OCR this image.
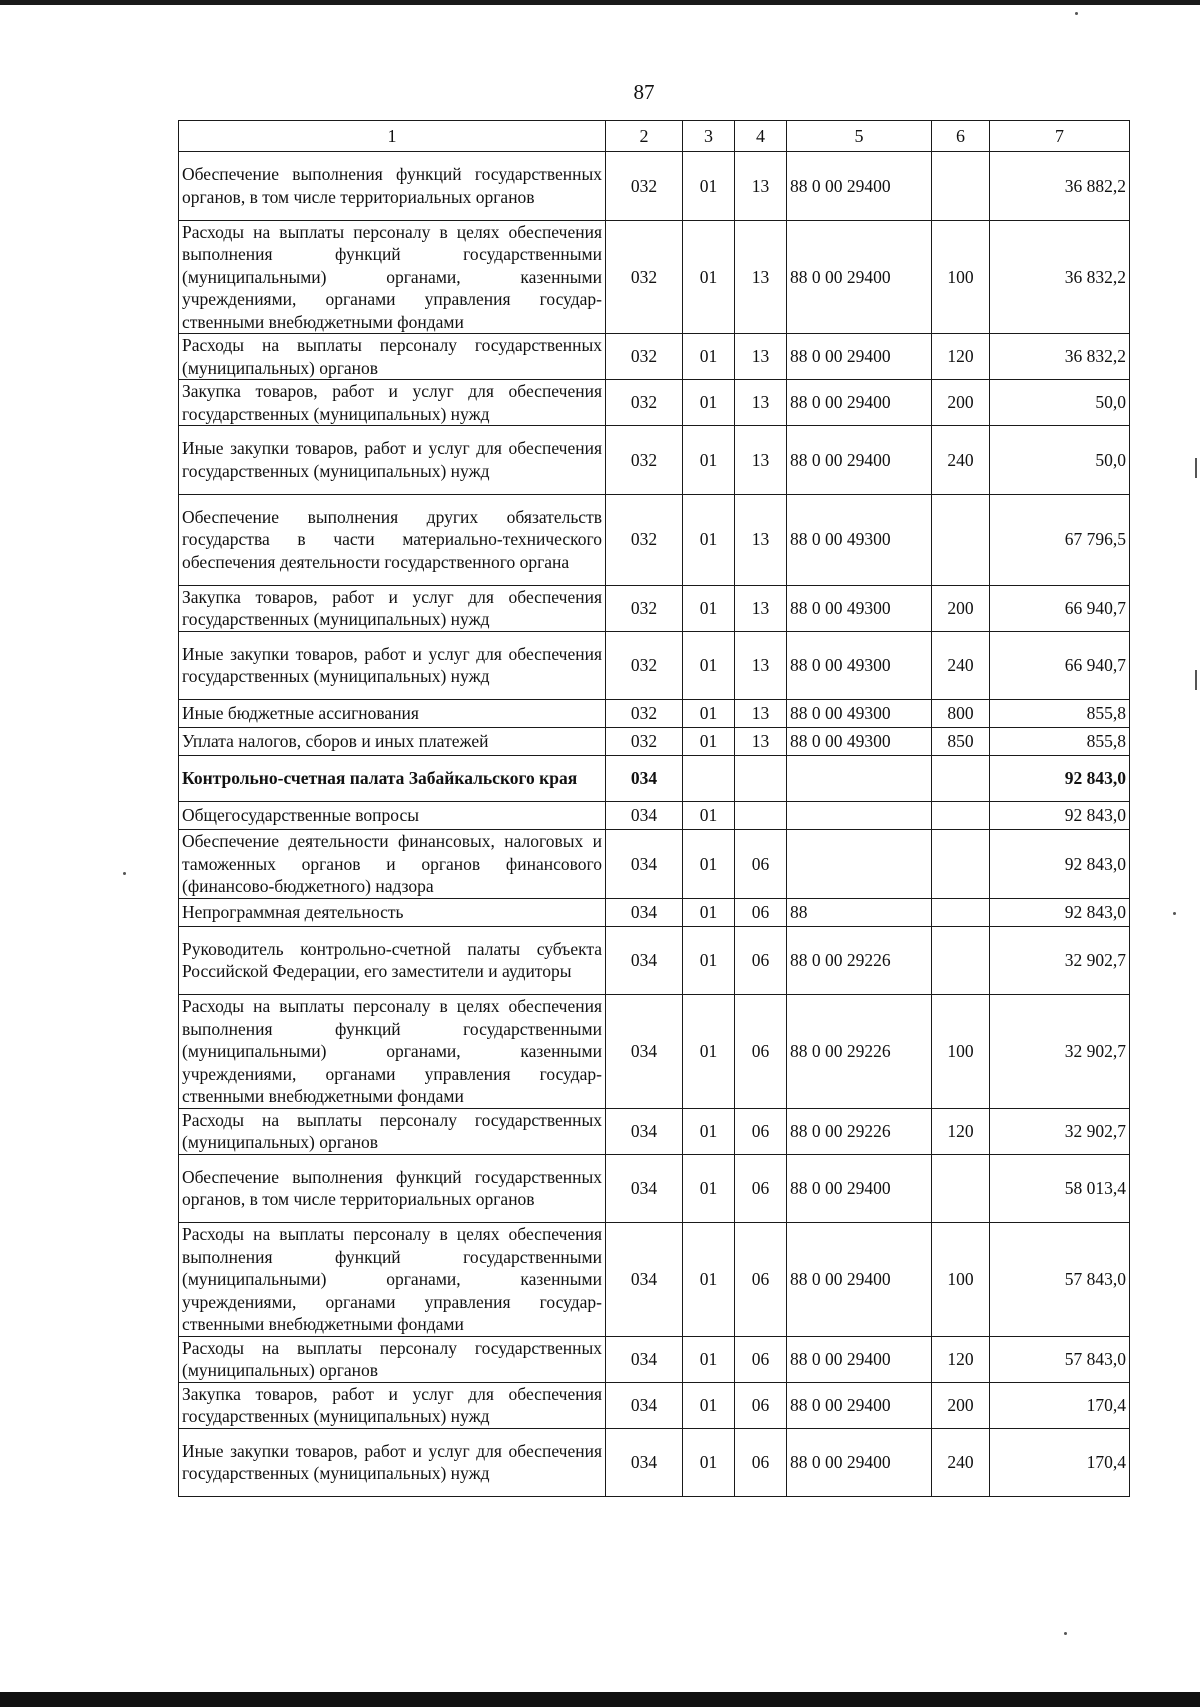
87
1	2	3	4	5	6	7
Обеспечение выполнения функций государственных органов, в том числе территориальных органов	032	01	13	88 0 00 29400		36 882,2
Расходы на выплаты персоналу в целях обеспечения выполнения функций государственными (муниципальными) органами, казенными учреждениями, органами управления государственными внебюджетными фондами	032	01	13	88 0 00 29400	100	36 832,2
Расходы на выплаты персоналу государственных (муниципальных) органов	032	01	13	88 0 00 29400	120	36 832,2
Закупка товаров, работ и услуг для обеспечения государственных (муниципальных) нужд	032	01	13	88 0 00 29400	200	50,0
Иные закупки товаров, работ и услуг для обеспечения государственных (муниципальных) нужд	032	01	13	88 0 00 29400	240	50,0
Обеспечение выполнения других обязательств государства в части материально-технического обеспечения деятельности государственного органа	032	01	13	88 0 00 49300		67 796,5
Закупка товаров, работ и услуг для обеспечения государственных (муниципальных) нужд	032	01	13	88 0 00 49300	200	66 940,7
Иные закупки товаров, работ и услуг для обеспечения государственных (муниципальных) нужд	032	01	13	88 0 00 49300	240	66 940,7
Иные бюджетные ассигнования	032	01	13	88 0 00 49300	800	855,8
Уплата налогов, сборов и иных платежей	032	01	13	88 0 00 49300	850	855,8
Контрольно-счетная палата Забайкальского края	034					92 843,0
Общегосударственные вопросы	034	01				92 843,0
Обеспечение деятельности финансовых, налоговых и таможенных органов и органов финансового (финансово-бюджетного) надзора	034	01	06			92 843,0
Непрограммная деятельность	034	01	06	88		92 843,0
Руководитель контрольно-счетной палаты субъекта Российской Федерации, его заместители и аудиторы	034	01	06	88 0 00 29226		32 902,7
Расходы на выплаты персоналу в целях обеспечения выполнения функций государственными (муниципальными) органами, казенными учреждениями, органами управления государственными внебюджетными фондами	034	01	06	88 0 00 29226	100	32 902,7
Расходы на выплаты персоналу государственных (муниципальных) органов	034	01	06	88 0 00 29226	120	32 902,7
Обеспечение выполнения функций государственных органов, в том числе территориальных органов	034	01	06	88 0 00 29400		58 013,4
Расходы на выплаты персоналу в целях обеспечения выполнения функций государственными (муниципальными) органами, казенными учреждениями, органами управления государственными внебюджетными фондами	034	01	06	88 0 00 29400	100	57 843,0
Расходы на выплаты персоналу государственных (муниципальных) органов	034	01	06	88 0 00 29400	120	57 843,0
Закупка товаров, работ и услуг для обеспечения государственных (муниципальных) нужд	034	01	06	88 0 00 29400	200	170,4
Иные закупки товаров, работ и услуг для обеспечения государственных (муниципальных) нужд	034	01	06	88 0 00 29400	240	170,4
